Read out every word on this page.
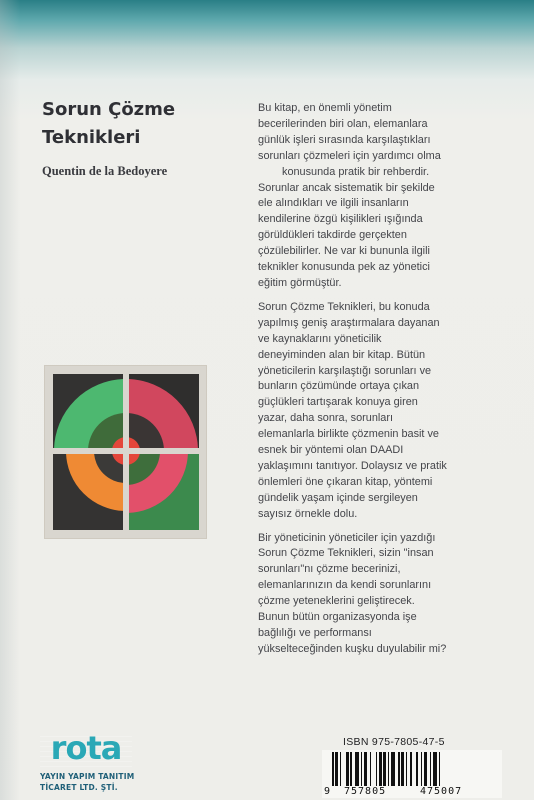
Sorun Çözme
Teknikleri
Quentin de la Bedoyere

Bu kitap, en önemli yönetim
becerilerinden biri olan, elemanlara
günlük işleri sırasında karşılaştıkları
sorunları çözmeleri için yardımcı olma
konusunda pratik bir rehberdir.
Sorunlar ancak sistematik bir şekilde
ele alındıkları ve ilgili insanların
kendilerine özgü kişilikleri ışığında
görüldükleri takdirde gerçekten
çözülebilirler. Ne var ki bununla ilgili
teknikler konusunda pek az yönetici
eğitim görmüştür.

Sorun Çözme Teknikleri, bu konuda
yapılmış geniş araştırmalara dayanan
ve kaynaklarını yöneticilik
deneyiminden alan bir kitap. Bütün
yöneticilerin karşılaştığı sorunları ve
bunların çözümünde ortaya çıkan
güçlükleri tartışarak konuya giren
yazar, daha sonra, sorunları
elemanlarla birlikte çözmenin basit ve
esnek bir yöntemi olan DAADI
yaklaşımını tanıtıyor. Dolaysız ve pratik
önlemleri öne çıkaran kitap, yöntemi
gündelik yaşam içinde sergileyen
sayısız örnekle dolu.

Bir yöneticinin yöneticiler için yazdığı
Sorun Çözme Teknikleri, sizin "insan
sorunları"nı çözme becerinizi,
elemanlarınızın da kendi sorunlarını
çözme yeteneklerini geliştirecek.
Bunun bütün organizasyonda işe
bağlılığı ve performansı
yükselteceğinden kuşku duyulabilir mi?

rota
YAYIN YAPIM TANITIM
TİCARET LTD. ŞTİ.
ISBN 975-7805-47-5
9 757805	475007
